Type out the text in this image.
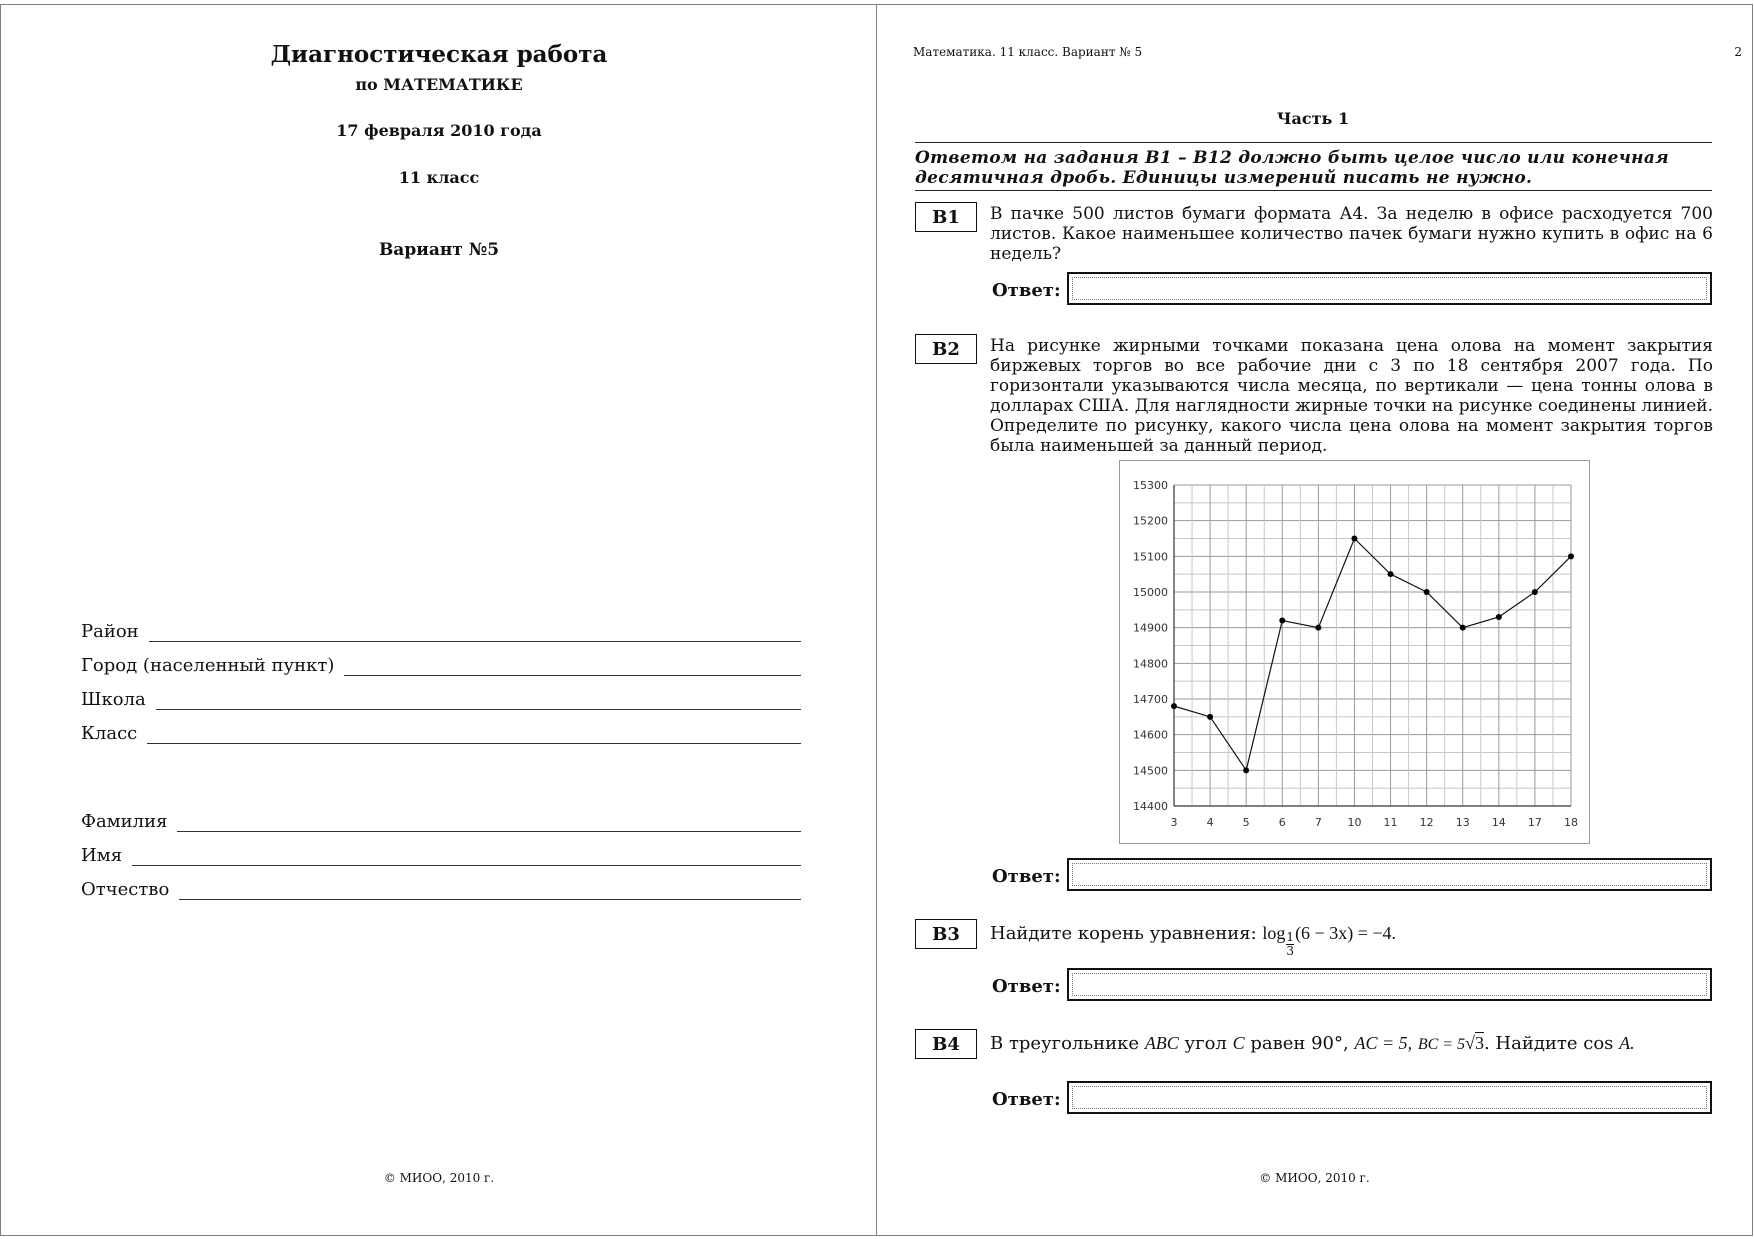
Диагностическая работа
по МАТЕМАТИКЕ
17 февраля 2010 года
11 класс
Вариант №5
Район
Город (населенный пункт)
Школа
Класс
Фамилия
Имя
Отчество
© МИОО, 2010 г.
Математика. 11 класс. Вариант № 5	2
Часть 1
Ответом на задания В1 – В12 должно быть целое число или конечная десятичная дробь. Единицы измерений писать не нужно.
B1	В пачке 500 листов бумаги формата А4. За неделю в офисе расходуется 700 листов. Какое наименьшее количество пачек бумаги нужно купить в офис на 6 недель?
Ответ:
B2	На рисунке жирными точками показана цена олова на момент закрытия биржевых торгов во все рабочие дни с 3 по 18 сентября 2007 года. По горизонтали указываются числа месяца, по вертикали — цена тонны олова в долларах США. Для наглядности жирные точки на рисунке соединены линией. Определите по рисунку, какого числа цена олова на момент закрытия торгов была наименьшей за данный период.
14400
14500
14600
14700
14800
14900
15000
15100
15200
15300
3	4	5	6	7 10 11 12 13 14 17 18
Ответ:
B3	Найдите корень уравнения: $\log \frac{1}{3} (6 - 3x) = -4$.
Ответ:
B4	В треугольнике ABC угол C равен 90°, AC = 5, BC = 5√3. Найдите cos A.
Ответ:
© МИОО, 2010 г.
